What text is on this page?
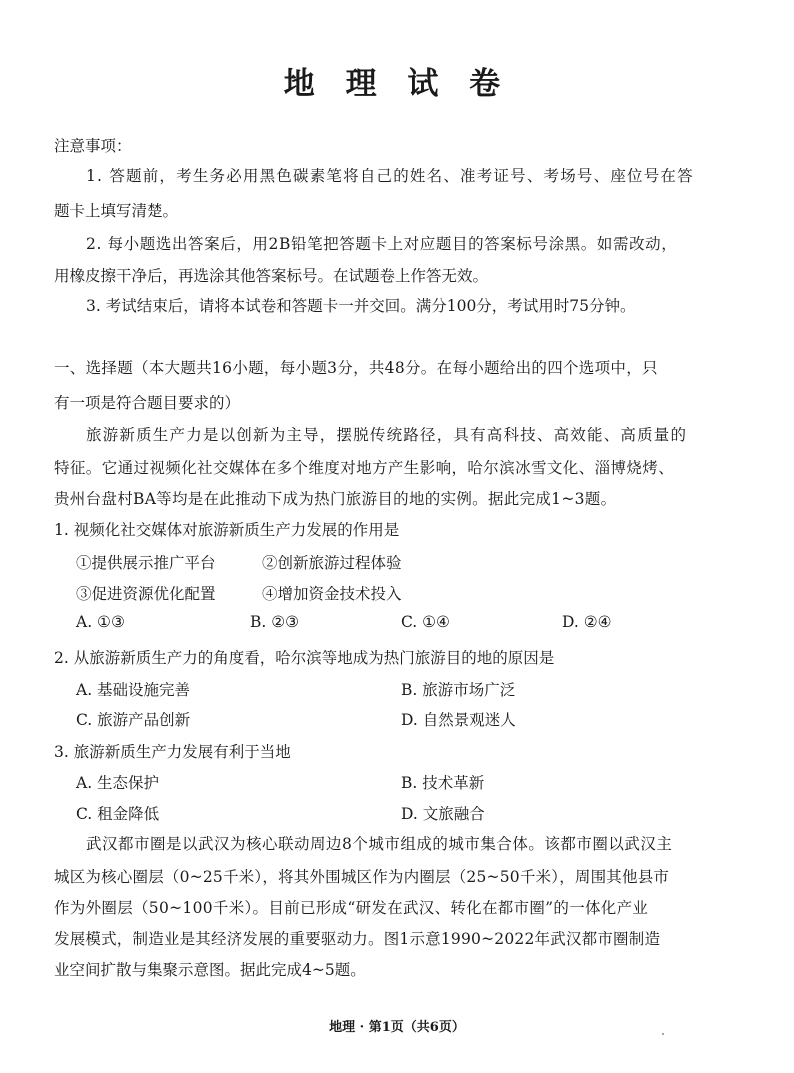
地 理 试 卷
注意事项：
1. 答题前，考生务必用黑色碳素笔将自己的姓名、准考证号、考场号、座位号在答
题卡上填写清楚。
2. 每小题选出答案后，用2B铅笔把答题卡上对应题目的答案标号涂黑。如需改动，
用橡皮擦干净后，再选涂其他答案标号。在试题卷上作答无效。
3. 考试结束后，请将本试卷和答题卡一并交回。满分100分，考试用时75分钟。
一、选择题（本大题共16小题，每小题3分，共48分。在每小题给出的四个选项中，只
有一项是符合题目要求的）
旅游新质生产力是以创新为主导，摆脱传统路径，具有高科技、高效能、高质量的
特征。它通过视频化社交媒体在多个维度对地方产生影响，哈尔滨冰雪文化、淄博烧烤、
贵州台盘村BA等均是在此推动下成为热门旅游目的地的实例。据此完成1~3题。
1. 视频化社交媒体对旅游新质生产力发展的作用是
①提供展示推广平台	②创新旅游过程体验
③促进资源优化配置	④增加资金技术投入
A. ①③	B. ②③	C. ①④	D. ②④
2. 从旅游新质生产力的角度看，哈尔滨等地成为热门旅游目的地的原因是
A. 基础设施完善	B. 旅游市场广泛
C. 旅游产品创新	D. 自然景观迷人
3. 旅游新质生产力发展有利于当地
A. 生态保护	B. 技术革新
C. 租金降低	D. 文旅融合
武汉都市圈是以武汉为核心联动周边8个城市组成的城市集合体。该都市圈以武汉主
城区为核心圈层（0~25千米），将其外围城区作为内圈层（25~50千米），周围其他县市
作为外圈层（50~100千米）。目前已形成“研发在武汉、转化在都市圈”的一体化产业
发展模式，制造业是其经济发展的重要驱动力。图1示意1990~2022年武汉都市圈制造
业空间扩散与集聚示意图。据此完成4~5题。
地理 · 第1页（共6页）
